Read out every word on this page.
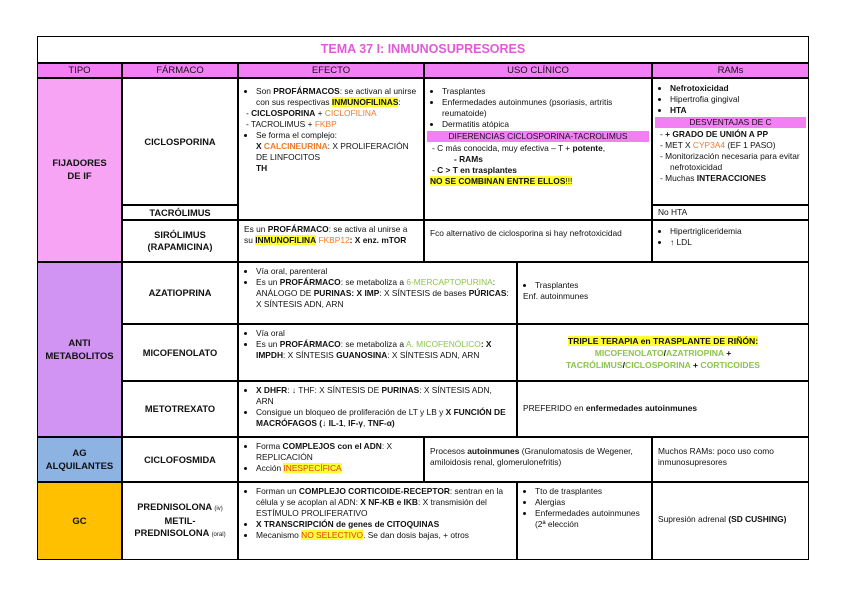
TEMA 37 I: INMUNOSUPRESORES
TIPO	FÁRMACO	EFECTO	USO CLÍNICO	RAMs
FIJADORES
DE IF
CICLOSPORINA
TACRÓLIMUS
SIRÓLIMUS
(RAPAMICINA)
• Son PROFÁRMACOS: se activan al unirse con sus respectivas INMUNOFILINAS:
- CICLOSPORINA + CICLOFILINA
- TACROLIMUS + FKBP
• Se forma el complejo:
X CALCINEURINA: X PROLIFERACIÓN DE LINFOCITOS
TH
• Trasplantes
• Enfermedades autoinmunes (psoriasis, artritis reumatoide)
• Dermatitis atópica
DIFERENCIAS CICLOSPORINA-TACROLIMUS
- C más conocida, muy efectiva – T + potente,
- RAMs
- C > T en trasplantes
NO SE COMBINAN ENTRE ELLOS!!!
• Nefrotoxicidad
• Hipertrofia gingival
• HTA
DESVENTAJAS DE C
- + GRADO DE UNIÓN A PP
- MET X CYP3A4 (EF 1 PASO)
- Monitorización necesaria para evitar nefrotoxicidad
- Muchas INTERACCIONES
No HTA
Es un PROFÁRMACO: se activa al unirse a su INMUNOFILINA FKBP12: X enz. mTOR
Fco alternativo de ciclosporina si hay nefrotoxicidad
•	Hipertrigliceridemia
• ↑ LDL
ANTI
METABOLITOS
AZATIOPRINA
• Vía oral, parenteral
• Es un PROFÁRMACO: se metaboliza a 6-MERCAPTOPURINA: ANÁLOGO DE PURINAS: X IMP: X SÍNTESIS de bases PÚRICAS: X SÍNTESIS ADN, ARN
• Trasplantes
Enf. autoinmunes
MICOFENOLATO
• Vía oral
• Es un PROFÁRMACO: se metaboliza a A. MICOFENÓLICO: X IMPDH: X SÍNTESIS GUANOSINA: X SÍNTESIS ADN, ARN
TRIPLE TERAPIA en TRASPLANTE DE RIÑÓN:
MICOFENOLATO/AZATRIOPINA +
TACRÓLIMUS/CICLOSPORINA + CORTICOIDES
METOTREXATO
• X DHFR: ↓ THF: X SÍNTESIS DE PURINAS: X SÍNTESIS ADN, ARN
• Consigue un bloqueo de proliferación de LT y LB y X FUNCIÓN DE MACRÓFAGOS (↓ IL-1, IF-γ, TNF-α)
PREFERIDO en enfermedades autoinmunes
AG
ALQUILANTES
CICLOFOSMIDA
• Forma COMPLEJOS con el ADN: X REPLICACIÓN
• Acción INESPECÍFICA
Procesos autoinmunes (Granulomatosis de Wegener, amiloidosis renal, glomerulonefritis)
Muchos RAMs: poco uso como inmunosupresores
GC
PREDNISOLONA (iv)
METIL-
PREDNISOLONA (oral)
• Forman un COMPLEJO CORTICOIDE-RECEPTOR: sentran en la célula y se acoplan al ADN: X NF-KB e IKB: X transmisión del ESTÍMULO PROLIFERATIVO
• X TRANSCRIPCIÓN de genes de CITOQUINAS
• Mecanismo NO SELECTIVO. Se dan dosis bajas, + otros
• Tto de trasplantes
• Alergias
• Enfermedades autoinmunes (2ª elección	Supresión adrenal (SD CUSHING)
